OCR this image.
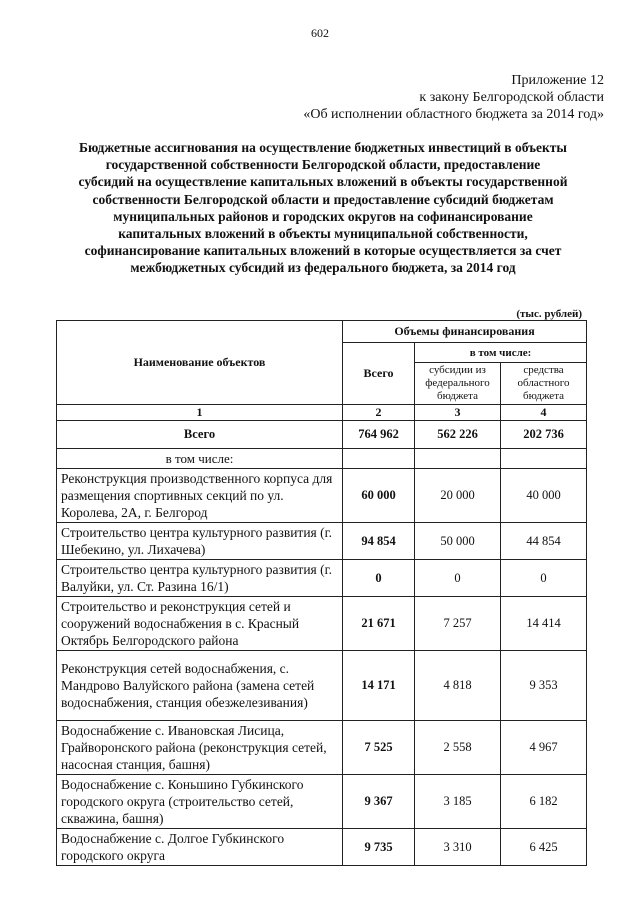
602
Приложение 12
к закону Белгородской области
«Об исполнении областного бюджета за 2014 год»
Бюджетные ассигнования на осуществление бюджетных инвестиций в объекты государственной собственности Белгородской области, предоставление субсидий на осуществление капитальных вложений в объекты государственной собственности Белгородской области и предоставление субсидий бюджетам муниципальных районов и городских округов на софинансирование капитальных вложений в объекты муниципальной собственности, софинансирование капитальных вложений в которые осуществляется за счет межбюджетных субсидий из федерального бюджета, за 2014 год
(тыс. рублей)
Наименование объектов	Объемы финансирования		
	Всего	в том числе:	
		субсидии из федерального бюджета	средства областного бюджета
1	2	3	4
Всего	764 962	562 226	202 736
в том числе:			
Реконструкция производственного корпуса для размещения спортивных секций по ул. Королева, 2А, г. Белгород	60 000	20 000	40 000
Строительство центра культурного развития (г. Шебекино, ул. Лихачева)	94 854	50 000	44 854
Строительство центра культурного развития (г. Валуйки, ул. Ст. Разина 16/1)	0	0	0
Строительство и реконструкция сетей и сооружений водоснабжения в с. Красный Октябрь Белгородского района	21 671	7 257	14 414
Реконструкция сетей водоснабжения, с. Мандрово Валуйского района (замена сетей водоснабжения, станция обезжелезивания)	14 171	4 818	9 353
Водоснабжение с. Ивановская Лисица, Грайворонского района (реконструкция сетей, насосная станция, башня)	7 525	2 558	4 967
Водоснабжение с. Коньшино Губкинского городского округа (строительство сетей, скважина, башня)	9 367	3 185	6 182
Водоснабжение с. Долгое Губкинского городского округа	9 735	3 310	6 425
